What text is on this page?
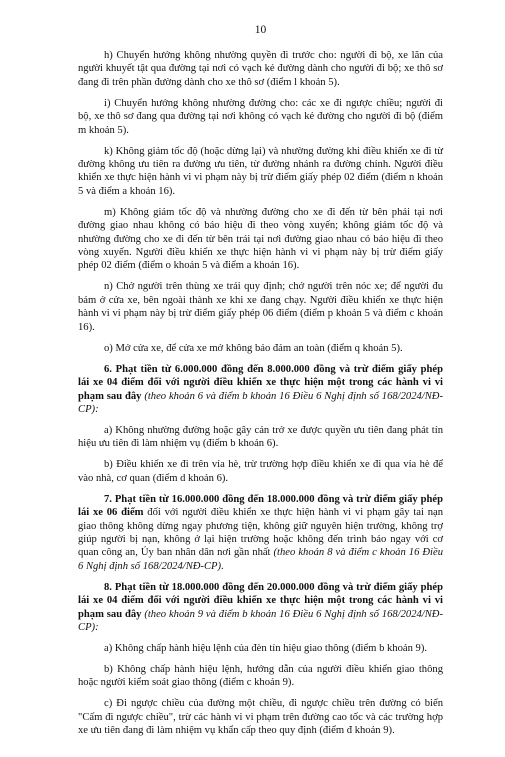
10

h) Chuyển hướng không nhường quyền đi trước cho: người đi bộ, xe lăn của người khuyết tật qua đường tại nơi có vạch kẻ đường dành cho người đi bộ; xe thô sơ đang đi trên phần đường dành cho xe thô sơ (điểm l khoản 5).

i) Chuyển hướng không nhường đường cho: các xe đi ngược chiều; người đi bộ, xe thô sơ đang qua đường tại nơi không có vạch kẻ đường cho người đi bộ (điểm m khoản 5).

k) Không giảm tốc độ (hoặc dừng lại) và nhường đường khi điều khiển xe đi từ đường không ưu tiên ra đường ưu tiên, từ đường nhánh ra đường chính. Người điều khiển xe thực hiện hành vi vi phạm này bị trừ điểm giấy phép 02 điểm (điểm n khoản 5 và điểm a khoản 16).

m) Không giảm tốc độ và nhường đường cho xe đi đến từ bên phải tại nơi đường giao nhau không có báo hiệu đi theo vòng xuyến; không giảm tốc độ và nhường đường cho xe đi đến từ bên trái tại nơi đường giao nhau có báo hiệu đi theo vòng xuyến. Người điều khiển xe thực hiện hành vi vi phạm này bị trừ điểm giấy phép 02 điểm (điểm o khoản 5 và điểm a khoản 16).

n) Chở người trên thùng xe trái quy định; chở người trên nóc xe; để người đu bám ở cửa xe, bên ngoài thành xe khi xe đang chạy. Người điều khiển xe thực hiện hành vi vi phạm này bị trừ điểm giấy phép 06 điểm (điểm p khoản 5 và điểm c khoản 16).

o) Mở cửa xe, để cửa xe mở không bảo đảm an toàn (điểm q khoản 5).

6. Phạt tiền từ 6.000.000 đồng đến 8.000.000 đồng và trừ điểm giấy phép lái xe 04 điểm đối với người điều khiển xe thực hiện một trong các hành vi vi phạm sau đây (theo khoản 6 và điểm b khoản 16 Điều 6 Nghị định số 168/2024/NĐ-CP):

a) Không nhường đường hoặc gây cản trở xe được quyền ưu tiên đang phát tín hiệu ưu tiên đi làm nhiệm vụ (điểm b khoản 6).

b) Điều khiển xe đi trên vỉa hè, trừ trường hợp điều khiển xe đi qua vỉa hè để vào nhà, cơ quan (điểm d khoản 6).

7. Phạt tiền từ 16.000.000 đồng đến 18.000.000 đồng và trừ điểm giấy phép lái xe 06 điểm đối với người điều khiển xe thực hiện hành vi vi phạm gây tai nạn giao thông không dừng ngay phương tiện, không giữ nguyên hiện trường, không trợ giúp người bị nạn, không ở lại hiện trường hoặc không đến trình báo ngay với cơ quan công an, Ủy ban nhân dân nơi gần nhất (theo khoản 8 và điểm c khoản 16 Điều 6 Nghị định số 168/2024/NĐ-CP).

8. Phạt tiền từ 18.000.000 đồng đến 20.000.000 đồng và trừ điểm giấy phép lái xe 04 điểm đối với người điều khiển xe thực hiện một trong các hành vi vi phạm sau đây (theo khoản 9 và điểm b khoản 16 Điều 6 Nghị định số 168/2024/NĐ-CP):

a) Không chấp hành hiệu lệnh của đèn tín hiệu giao thông (điểm b khoản 9).

b) Không chấp hành hiệu lệnh, hướng dẫn của người điều khiển giao thông hoặc người kiểm soát giao thông (điểm c khoản 9).

c) Đi ngược chiều của đường một chiều, đi ngược chiều trên đường có biển "Cấm đi ngược chiều", trừ các hành vi vi phạm trên đường cao tốc và các trường hợp xe ưu tiên đang đi làm nhiệm vụ khẩn cấp theo quy định (điểm đ khoản 9).
